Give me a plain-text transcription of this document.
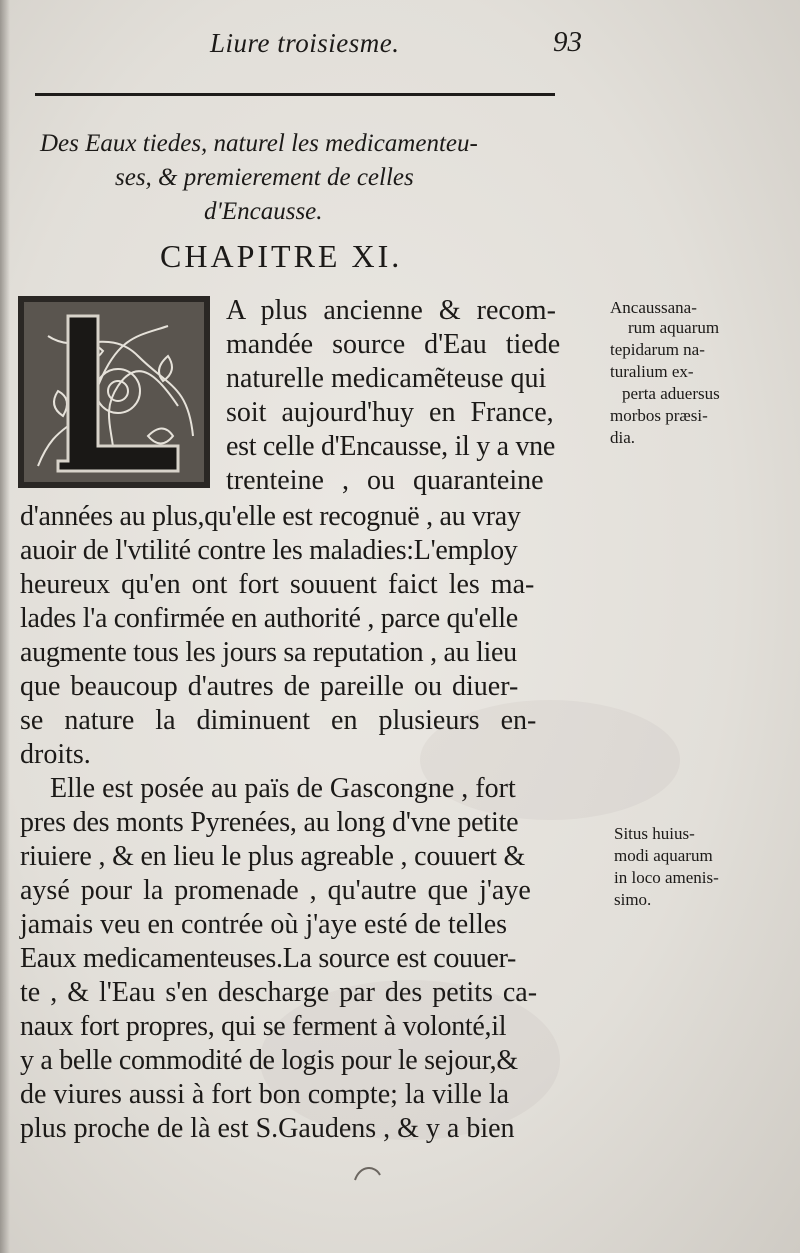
Liure troisiesme.	93
Des Eaux tiedes, naturel les medicamenteu-
ses, & premierement de celles
d'Encausse.
CHAPITRE XI.
A plus ancienne & recom-
mandée source d'Eau tiede
naturelle medicamẽteuse qui
soit aujourd'huy en France,
est celle d'Encausse, il y a vne
trenteine , ou quaranteine
d'années au plus,qu'elle est recognuë , au vray
auoir de l'vtilité contre les maladies:L'employ
heureux qu'en ont fort souuent faict les ma-
lades l'a confirmée en authorité , parce qu'elle
augmente tous les jours sa reputation , au lieu
que beaucoup d'autres de pareille ou diuer-
se nature la diminuent en plusieurs en-
droits.
Elle est posée au païs de Gascongne , fort
pres des monts Pyrenées, au long d'vne petite
riuiere , & en lieu le plus agreable , couuert &
aysé pour la promenade , qu'autre que j'aye
jamais veu en contrée où j'aye esté de telles
Eaux medicamenteuses.La source est couuer-
te , & l'Eau s'en descharge par des petits ca-
naux fort propres, qui se ferment à volonté,il
y a belle commodité de logis pour le sejour,&
de viures aussi à fort bon compte; la ville la
plus proche de là est S.Gaudens , & y a bien
Ancaussana-
rum aquarum
tepidarum na-
turalium ex-
perta aduersus
morbos præsi-
dia.
Situs huius-
modi aquarum
in loco amenis-
simo.
